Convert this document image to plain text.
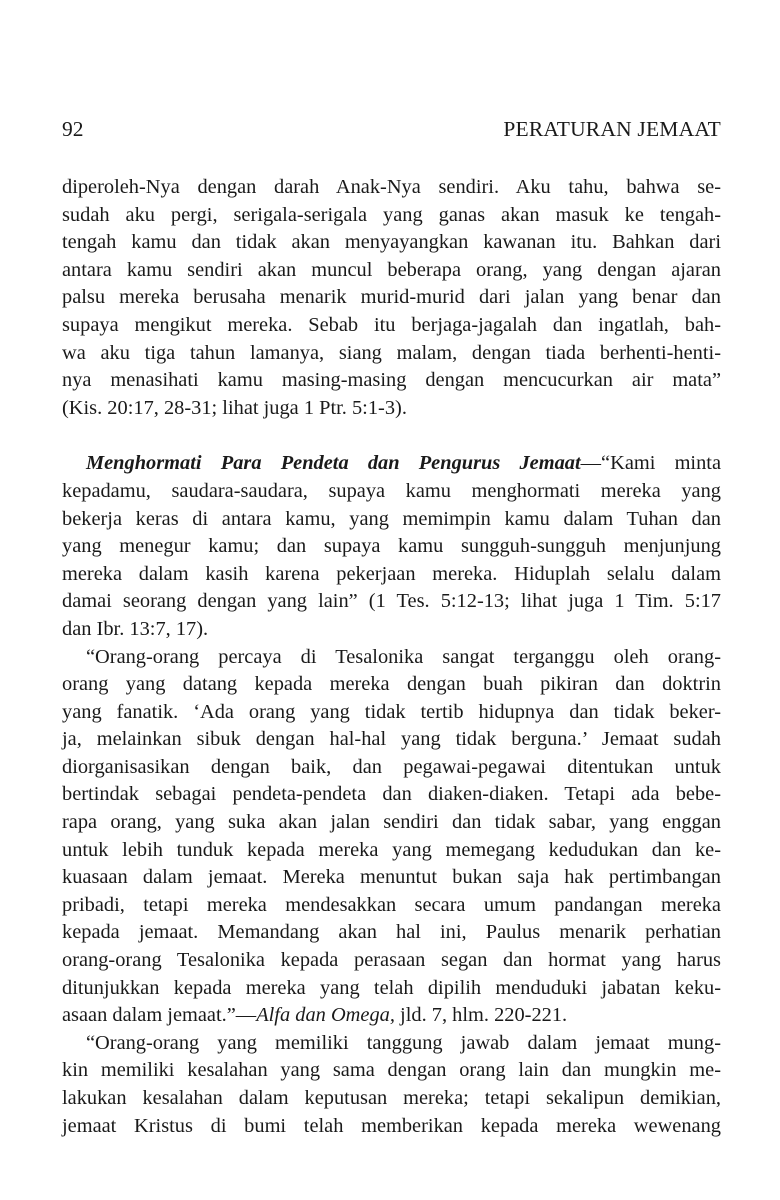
92	PERATURAN JEMAAT
diperoleh-Nya dengan darah Anak-Nya sendiri. Aku tahu, bahwa se-
sudah aku pergi, serigala-serigala yang ganas akan masuk ke tengah-
tengah kamu dan tidak akan menyayangkan kawanan itu. Bahkan dari
antara kamu sendiri akan muncul beberapa orang, yang dengan ajaran
palsu mereka berusaha menarik murid-murid dari jalan yang benar dan
supaya mengikut mereka. Sebab itu berjaga-jagalah dan ingatlah, bah-
wa aku tiga tahun lamanya, siang malam, dengan tiada berhenti-henti-
nya menasihati kamu masing-masing dengan mencucurkan air mata”
(Kis. 20:17, 28-31; lihat juga 1 Ptr. 5:1-3).
Menghormati Para Pendeta dan Pengurus Jemaat—“Kami minta
kepadamu, saudara-saudara, supaya kamu menghormati mereka yang
bekerja keras di antara kamu, yang memimpin kamu dalam Tuhan dan
yang menegur kamu; dan supaya kamu sungguh-sungguh menjunjung
mereka dalam kasih karena pekerjaan mereka. Hiduplah selalu dalam
damai seorang dengan yang lain” (1 Tes. 5:12-13; lihat juga 1 Tim. 5:17
dan Ibr. 13:7, 17).
“Orang-orang percaya di Tesalonika sangat terganggu oleh orang-
orang yang datang kepada mereka dengan buah pikiran dan doktrin
yang fanatik. ‘Ada orang yang tidak tertib hidupnya dan tidak beker-
ja, melainkan sibuk dengan hal-hal yang tidak berguna.’ Jemaat sudah
diorganisasikan dengan baik, dan pegawai-pegawai ditentukan untuk
bertindak sebagai pendeta-pendeta dan diaken-diaken. Tetapi ada bebe-
rapa orang, yang suka akan jalan sendiri dan tidak sabar, yang enggan
untuk lebih tunduk kepada mereka yang memegang kedudukan dan ke-
kuasaan dalam jemaat. Mereka menuntut bukan saja hak pertimbangan
pribadi, tetapi mereka mendesakkan secara umum pandangan mereka
kepada jemaat. Memandang akan hal ini, Paulus menarik perhatian
orang-orang Tesalonika kepada perasaan segan dan hormat yang harus
ditunjukkan kepada mereka yang telah dipilih menduduki jabatan keku-
asaan dalam jemaat.”—Alfa dan Omega, jld. 7, hlm. 220-221.
“Orang-orang yang memiliki tanggung jawab dalam jemaat mung-
kin memiliki kesalahan yang sama dengan orang lain dan mungkin me-
lakukan kesalahan dalam keputusan mereka; tetapi sekalipun demikian,
jemaat Kristus di bumi telah memberikan kepada mereka wewenang
